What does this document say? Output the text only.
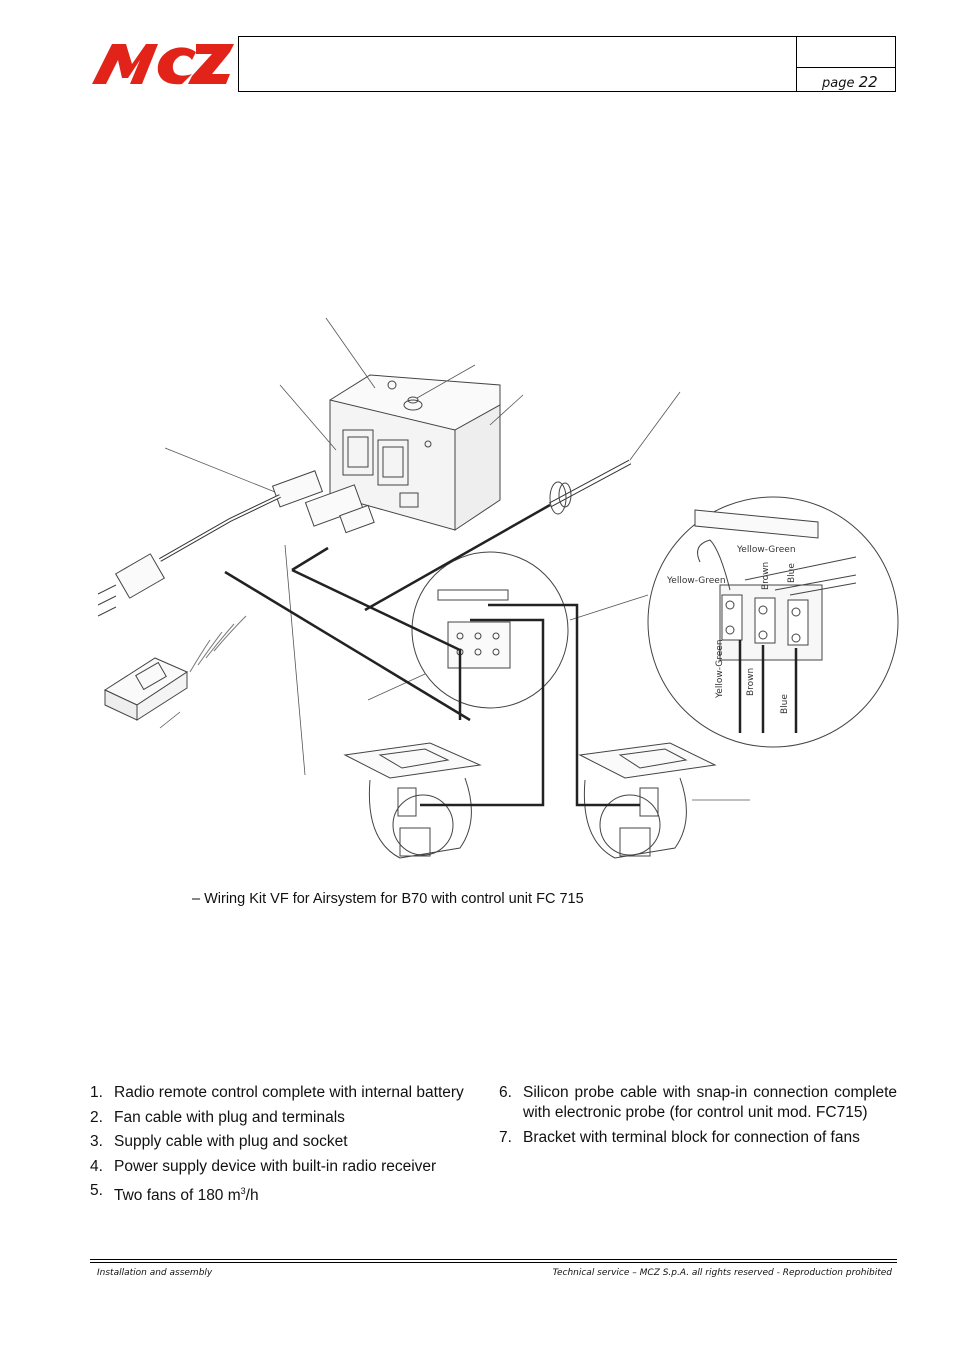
page 22
Yellow-Green
Yellow-Green	Brown Blue
Yellow-Green Brown
Blue
– Wiring Kit VF for Airsystem for B70 with control unit FC 715
1. Radio remote control complete with internal battery
2. Fan cable with plug and terminals
3. Supply cable with plug and socket
4. Power supply device with built-in radio receiver
5. Two fans of 180 $m^3/h$
6. Silicon probe cable with snap-in connection complete with electronic probe (for control unit mod. FC715)
7. Bracket with terminal block for connection of fans
Installation and assembly	Technical service – MCZ S.p.A. all rights reserved - Reproduction prohibited
